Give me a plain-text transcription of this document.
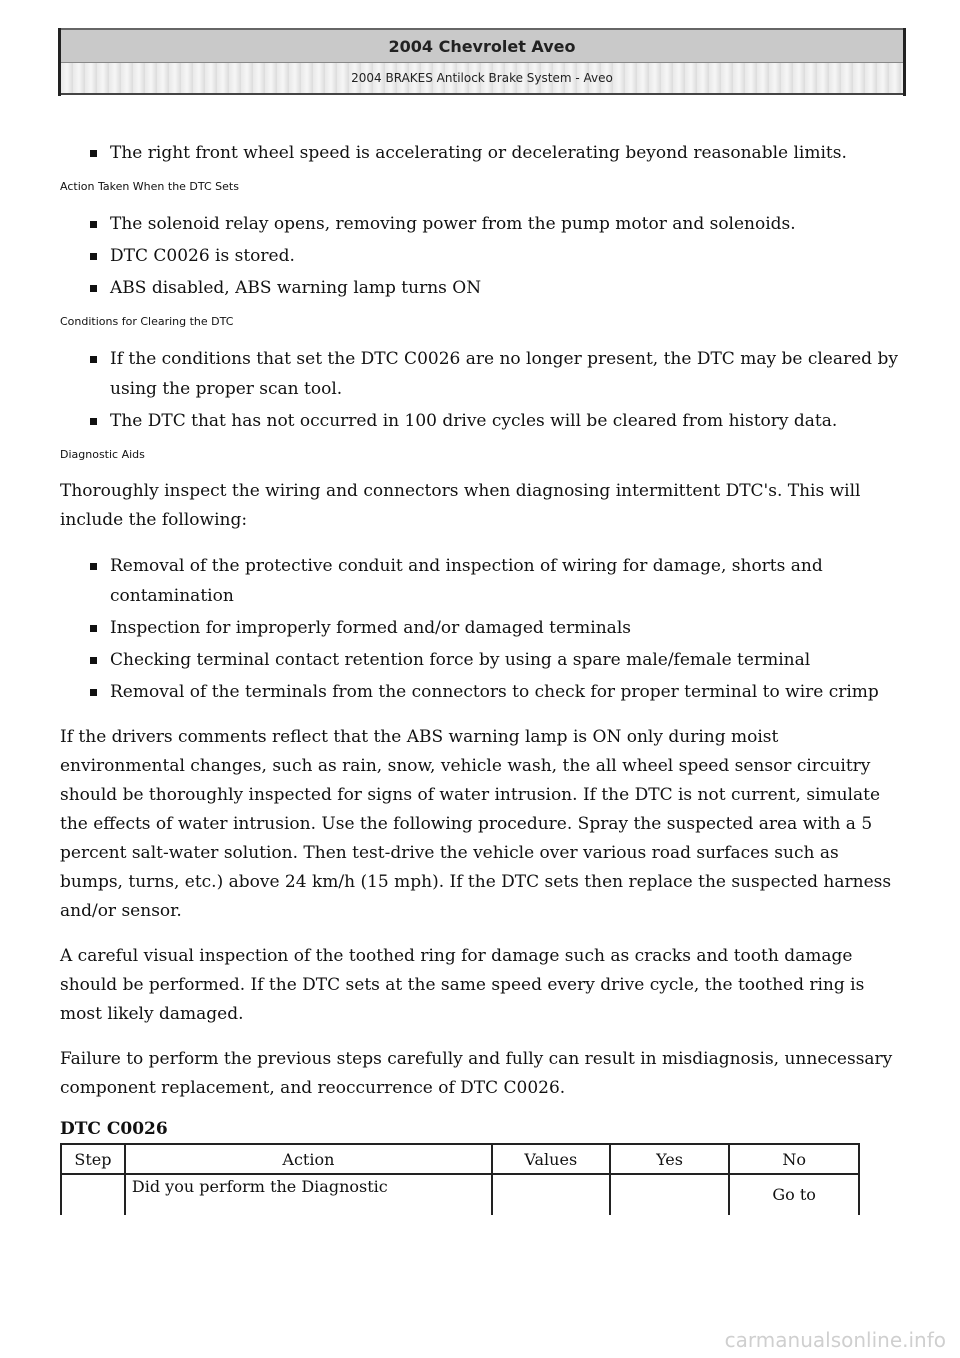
2004 Chevrolet Aveo
2004 BRAKES Antilock Brake System - Aveo
The right front wheel speed is accelerating or decelerating beyond reasonable limits.
Action Taken When the DTC Sets
The solenoid relay opens, removing power from the pump motor and solenoids.
DTC C0026 is stored.
ABS disabled, ABS warning lamp turns ON
Conditions for Clearing the DTC
If the conditions that set the DTC C0026 are no longer present, the DTC may be cleared by using the proper scan tool.
The DTC that has not occurred in 100 drive cycles will be cleared from history data.
Diagnostic Aids

Thoroughly inspect the wiring and connectors when diagnosing intermittent DTC's. This will include the following:

Removal of the protective conduit and inspection of wiring for damage, shorts and contamination
Inspection for improperly formed and/or damaged terminals
Checking terminal contact retention force by using a spare male/female terminal
Removal of the terminals from the connectors to check for proper terminal to wire crimp

If the drivers comments reflect that the ABS warning lamp is ON only during moist environmental changes, such as rain, snow, vehicle wash, the all wheel speed sensor circuitry should be thoroughly inspected for signs of water intrusion. If the DTC is not current, simulate the effects of water intrusion. Use the following procedure. Spray the suspected area with a 5 percent salt-water solution. Then test-drive the vehicle over various road surfaces such as bumps, turns, etc.) above 24 km/h (15 mph). If the DTC sets then replace the suspected harness and/or sensor.

A careful visual inspection of the toothed ring for damage such as cracks and tooth damage should be performed. If the DTC sets at the same speed every drive cycle, the toothed ring is most likely damaged.

Failure to perform the previous steps carefully and fully can result in misdiagnosis, unnecessary component replacement, and reoccurrence of DTC C0026.

DTC C0026
Step	Action	Values	Yes	No
	Did you perform the Diagnostic			Go to
carmanualsonline.info
